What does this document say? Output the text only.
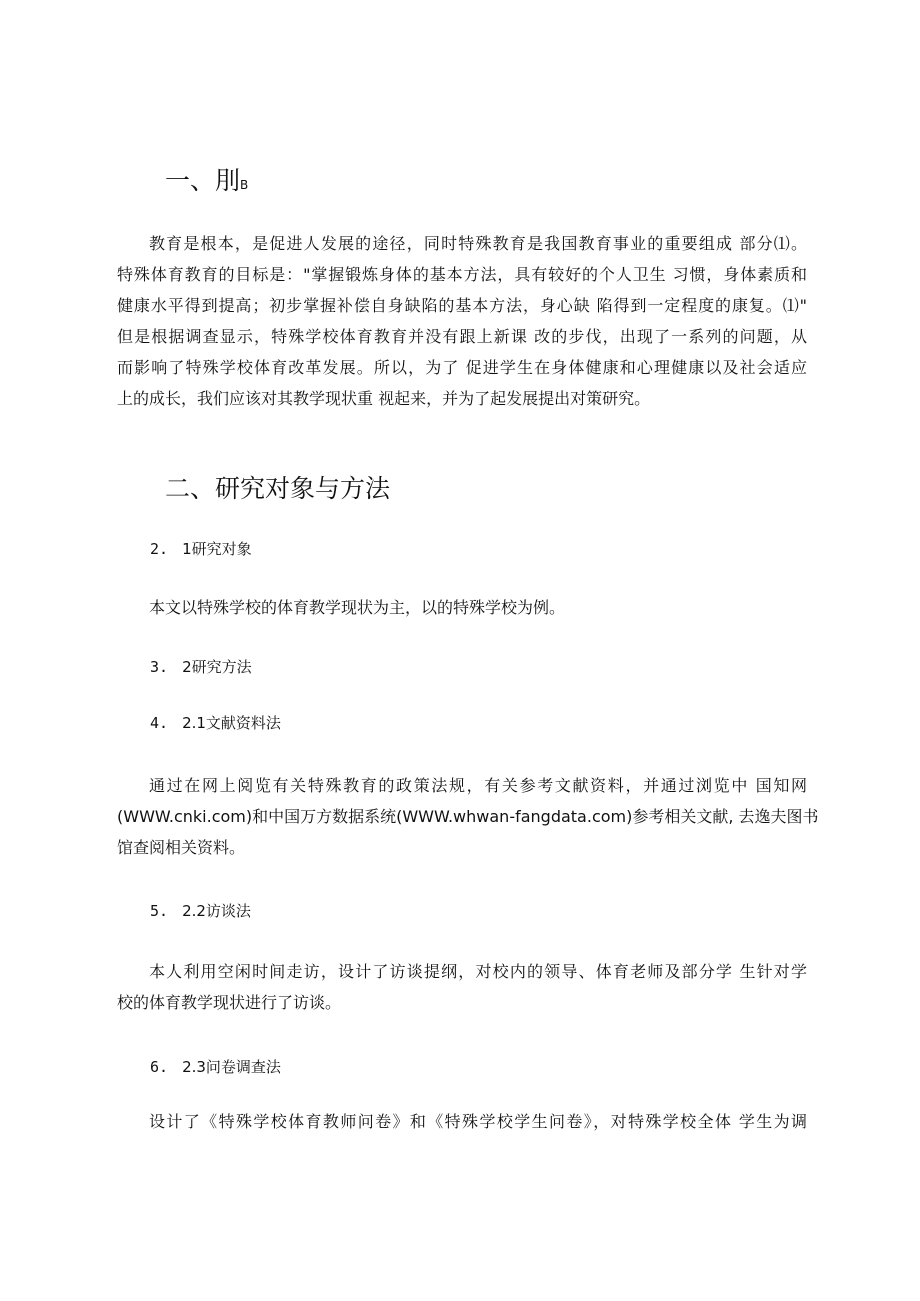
一、刖B

教育是根本，是促进人发展的途径，同时特殊教育是我国教育事业的重要组成 部分⑴。
特殊体育教育的目标是："掌握锻炼身体的基本方法，具有较好的个人卫生 习惯，身体素质和
健康水平得到提高；初步掌握补偿自身缺陷的基本方法，身心缺 陷得到一定程度的康复。⑴"
但是根据调查显示，特殊学校体育教育并没有跟上新课 改的步伐，出现了一系列的问题，从
而影响了特殊学校体育改革发展。所以，为了 促进学生在身体健康和心理健康以及社会适应
上的成长，我们应该对其教学现状重 视起来，并为了起发展提出对策研究。

二、研究对象与方法

2. 1研究对象

本文以特殊学校的体育教学现状为主，以的特殊学校为例。

3. 2研究方法

4. 2.1文献资料法

通过在网上阅览有关特殊教育的政策法规，有关参考文献资料，并通过浏览中 国知网
(WWW.cnki.com)和中国万方数据系统(WWW.whwan-fangdata.com)参考相关文献, 去逸夫图书
馆查阅相关资料。

5. 2.2访谈法

本人利用空闲时间走访，设计了访谈提纲，对校内的领导、体育老师及部分学 生针对学
校的体育教学现状进行了访谈。

6. 2.3问卷调查法

设计了《特殊学校体育教师问卷》和《特殊学校学生问卷》，对特殊学校全体 学生为调
